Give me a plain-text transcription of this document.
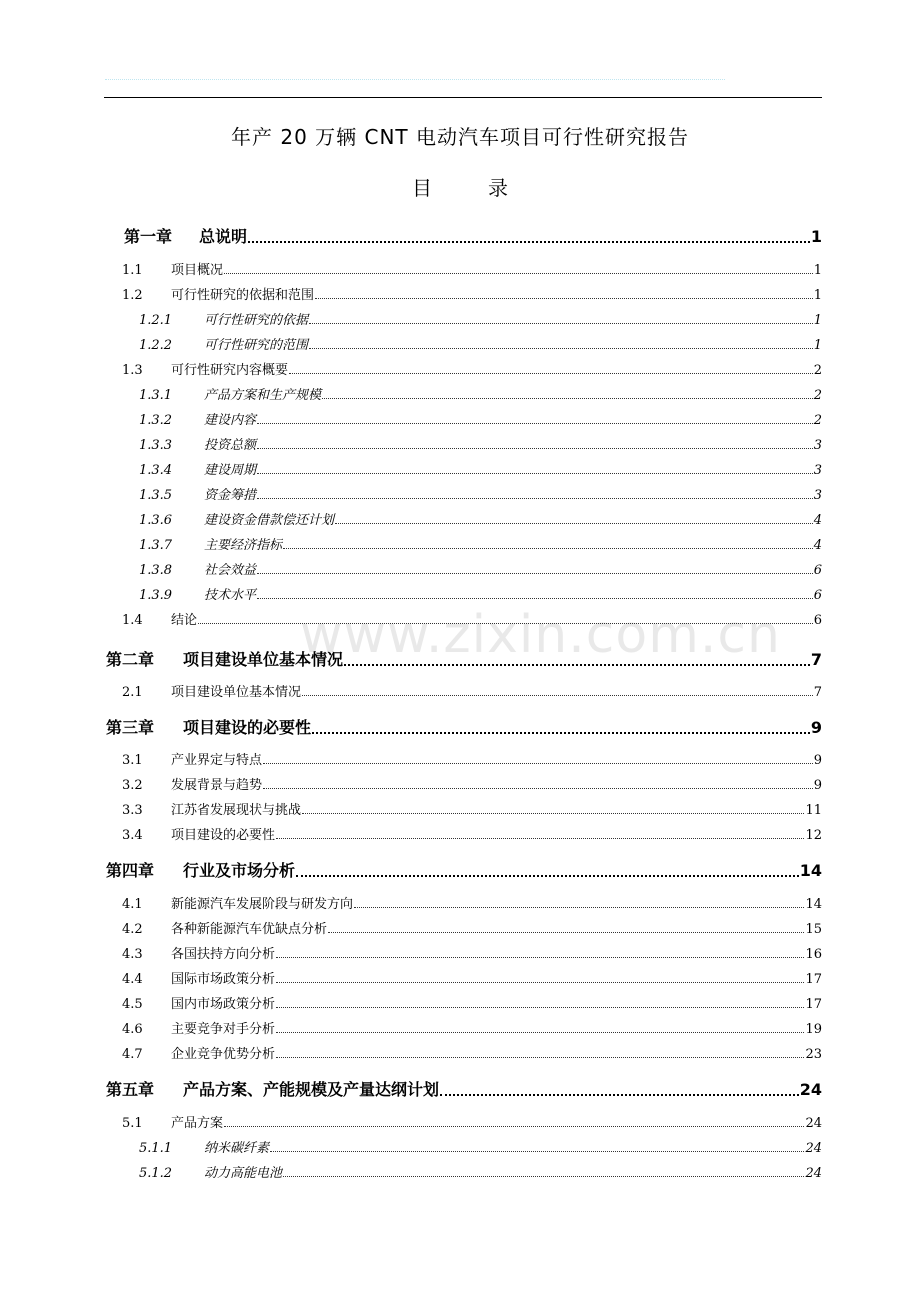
年产 20 万辆 CNT 电动汽车项目可行性研究报告
目	录
www.zixin.com.cn
第一章	总说明	1
1.1	项目概况	1
1.2	可行性研究的依据和范围	1
1.2.1	可行性研究的依据	1
1.2.2	可行性研究的范围	1
1.3	可行性研究内容概要	2
1.3.1	产品方案和生产规模	2
1.3.2	建设内容	2
1.3.3	投资总额	3
1.3.4	建设周期	3
1.3.5	资金筹措	3
1.3.6	建设资金借款偿还计划	4
1.3.7	主要经济指标	4
1.3.8	社会效益	6
1.3.9	技术水平	6
1.4	结论	6
第二章	项目建设单位基本情况	7
2.1	项目建设单位基本情况	7
第三章	项目建设的必要性	9
3.1	产业界定与特点	9
3.2	发展背景与趋势	9
3.3	江苏省发展现状与挑战	11
3.4	项目建设的必要性	12
第四章	行业及市场分析	14
4.1	新能源汽车发展阶段与研发方向	14
4.2	各种新能源汽车优缺点分析	15
4.3	各国扶持方向分析	16
4.4	国际市场政策分析	17
4.5	国内市场政策分析	17
4.6	主要竞争对手分析	19
4.7	企业竞争优势分析	23
第五章	产品方案、产能规模及产量达纲计划	24
5.1	产品方案	24
5.1.1	纳米碳纤素	24
5.1.2	动力高能电池	24
